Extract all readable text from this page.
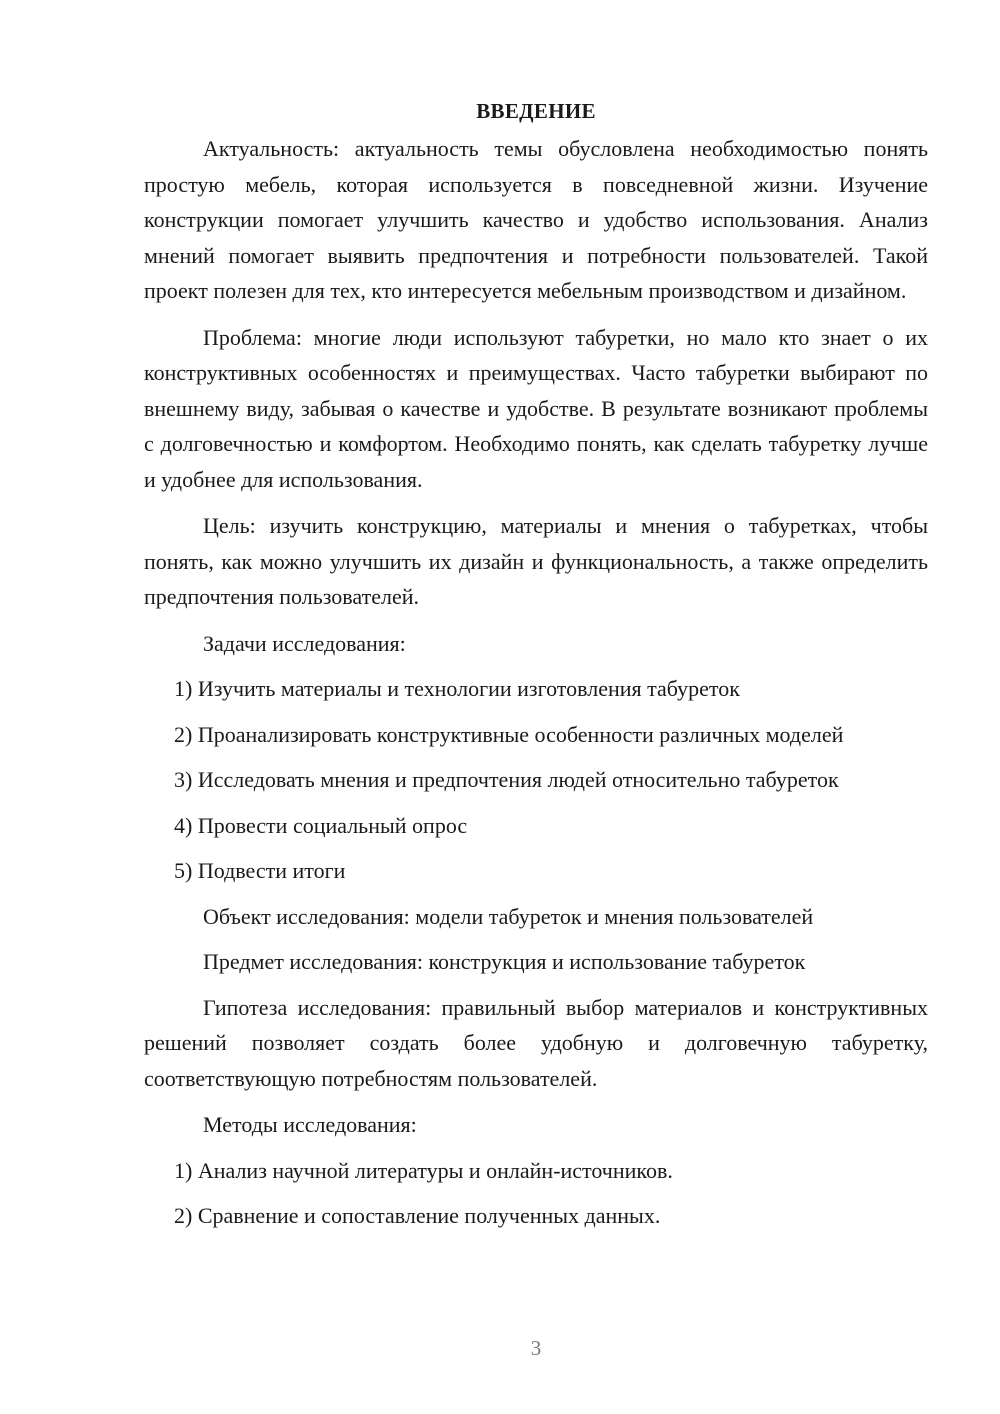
ВВЕДЕНИЕ

Актуальность: актуальность темы обусловлена необходимостью понять простую мебель, которая используется в повседневной жизни. Изучение конструкции помогает улучшить качество и удобство использования. Анализ мнений помогает выявить предпочтения и потребности пользователей. Такой проект полезен для тех, кто интересуется мебельным производством и дизайном.

Проблема: многие люди используют табуретки, но мало кто знает о их конструктивных особенностях и преимуществах. Часто табуретки выбирают по внешнему виду, забывая о качестве и удобстве. В результате возникают проблемы с долговечностью и комфортом. Необходимо понять, как сделать табуретку лучше и удобнее для использования.

Цель: изучить конструкцию, материалы и мнения о табуретках, чтобы понять, как можно улучшить их дизайн и функциональность, а также определить предпочтения пользователей.

Задачи исследования:

1) Изучить материалы и технологии изготовления табуреток

2) Проанализировать конструктивные особенности различных моделей

3) Исследовать мнения и предпочтения людей относительно табуреток

4) Провести социальный опрос

5) Подвести итоги

Объект исследования: модели табуреток и мнения пользователей

Предмет исследования: конструкция и использование табуреток

Гипотеза исследования: правильный выбор материалов и конструктивных решений позволяет создать более удобную и долговечную табуретку, соответствующую потребностям пользователей.

Методы исследования:

1) Анализ научной литературы и онлайн-источников.

2) Сравнение и сопоставление полученных данных.

3
